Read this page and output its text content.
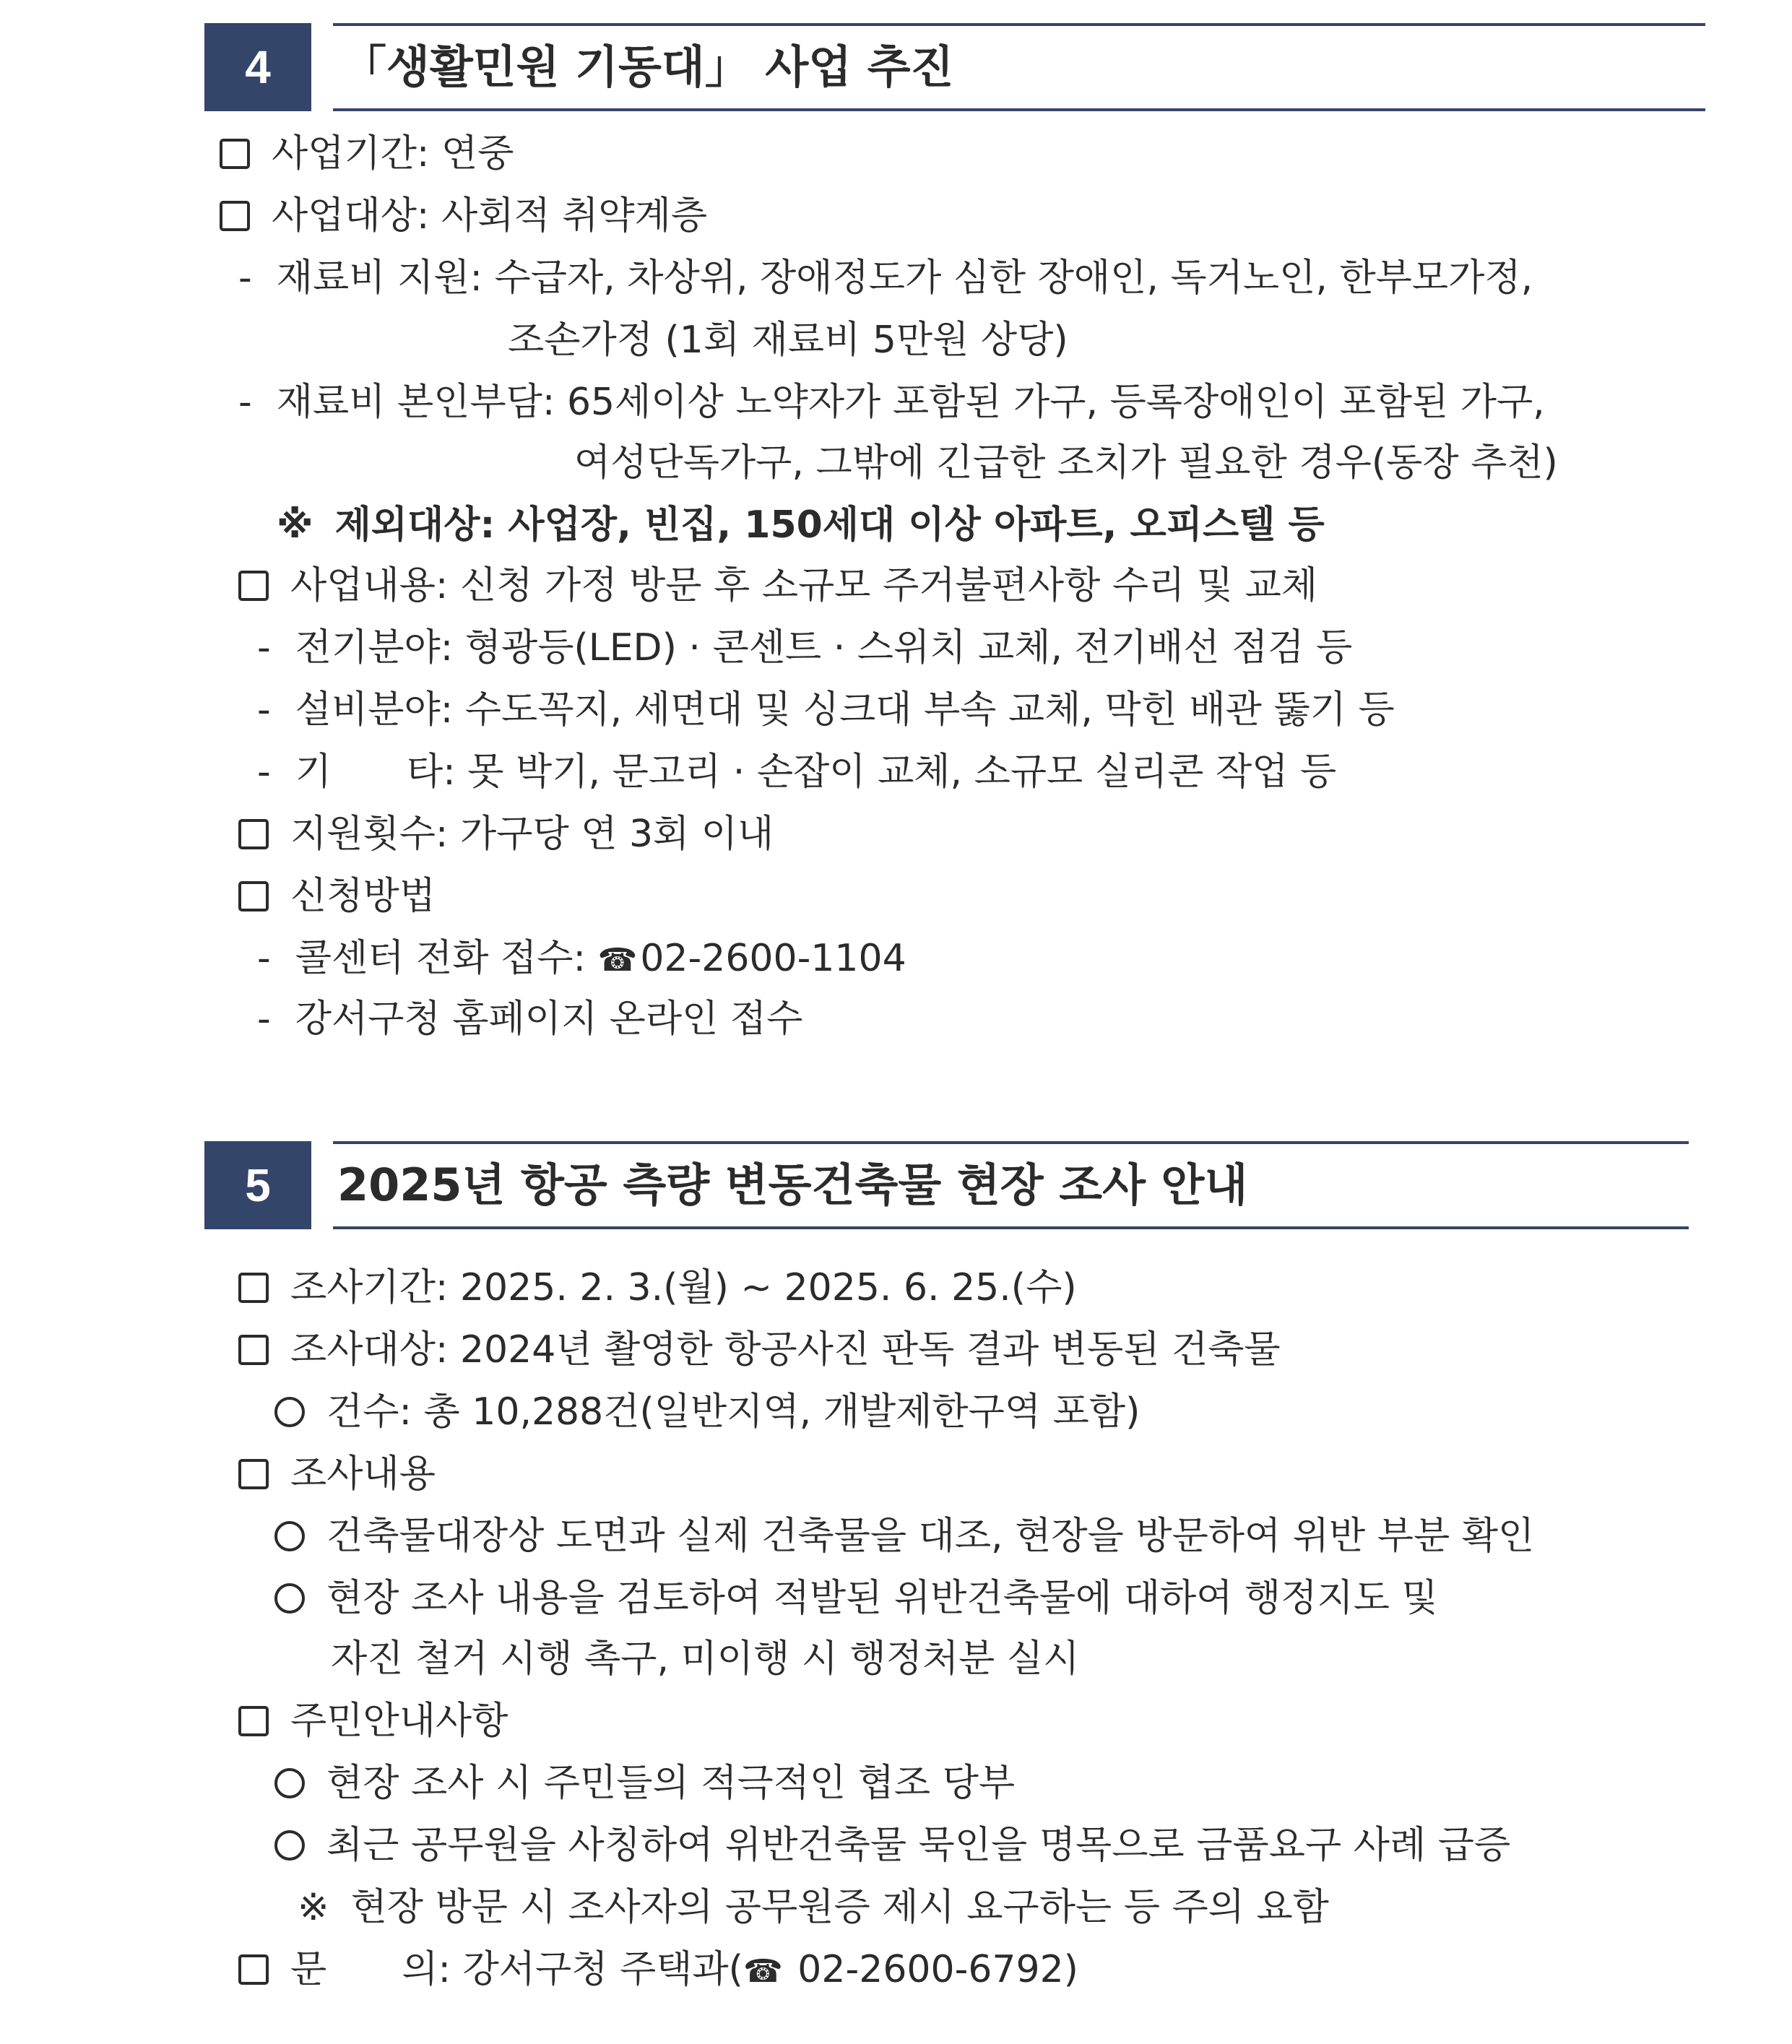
4	「생활민원 기동대」 사업 추진
사업기간: 연중
사업대상: 사회적 취약계층
- 재료비 지원: 수급자, 차상위, 장애정도가 심한 장애인, 독거노인, 한부모가정,
조손가정 (1회 재료비 5만원 상당)
- 재료비 본인부담: 65세이상 노약자가 포함된 가구, 등록장애인이 포함된 가구,
여성단독가구, 그밖에 긴급한 조치가 필요한 경우(동장 추천)
※ 제외대상: 사업장, 빈집, 150세대 이상 아파트, 오피스텔 등
사업내용: 신청 가정 방문 후 소규모 주거불편사항 수리 및 교체
- 전기분야: 형광등(LED) · 콘센트 · 스위치 교체, 전기배선 점검 등
- 설비분야: 수도꼭지, 세면대 및 싱크대 부속 교체, 막힌 배관 뚫기 등
- 기　　타: 못 박기, 문고리 · 손잡이 교체, 소규모 실리콘 작업 등
지원횟수: 가구당 연 3회 이내
신청방법
- 콜센터 전화 접수: ☎02-2600-1104
- 강서구청 홈페이지 온라인 접수
5	2025년 항공 측량 변동건축물 현장 조사 안내
조사기간: 2025. 2. 3.(월) ~ 2025. 6. 25.(수)
조사대상: 2024년 촬영한 항공사진 판독 결과 변동된 건축물
건수: 총 10,288건(일반지역, 개발제한구역 포함)
조사내용
건축물대장상 도면과 실제 건축물을 대조, 현장을 방문하여 위반 부분 확인
현장 조사 내용을 검토하여 적발된 위반건축물에 대하여 행정지도 및
자진 철거 시행 촉구, 미이행 시 행정처분 실시
주민안내사항
현장 조사 시 주민들의 적극적인 협조 당부
최근 공무원을 사칭하여 위반건축물 묵인을 명목으로 금품요구 사례 급증
※ 현장 방문 시 조사자의 공무원증 제시 요구하는 등 주의 요함
문　　의: 강서구청 주택과(☎ 02-2600-6792)
